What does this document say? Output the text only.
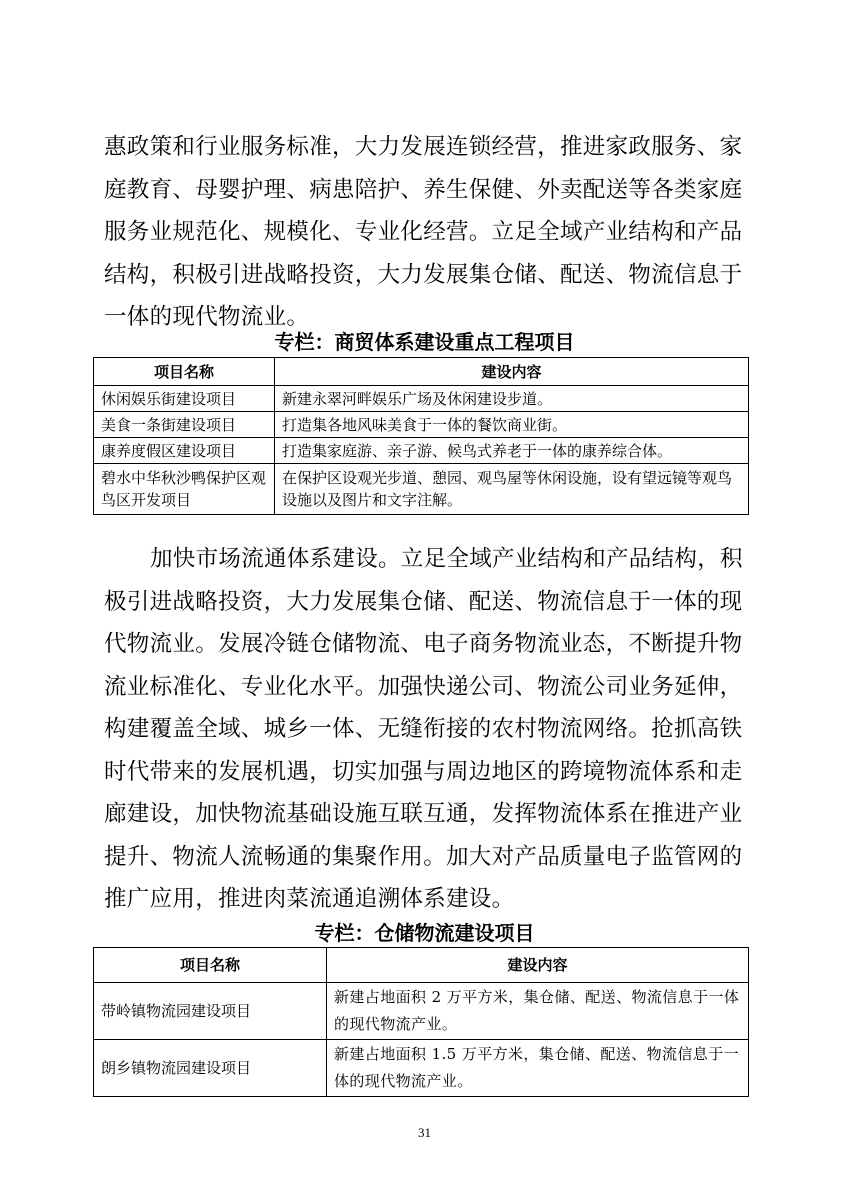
惠政策和行业服务标准，大力发展连锁经营，推进家政服务、家
庭教育、母婴护理、病患陪护、养生保健、外卖配送等各类家庭
服务业规范化、规模化、专业化经营。立足全域产业结构和产品
结构，积极引进战略投资，大力发展集仓储、配送、物流信息于
一体的现代物流业。

专栏：商贸体系建设重点工程项目
项目名称	建设内容
休闲娱乐街建设项目	新建永翠河畔娱乐广场及休闲建设步道。
美食一条街建设项目	打造集各地风味美食于一体的餐饮商业街。
康养度假区建设项目	打造集家庭游、亲子游、候鸟式养老于一体的康养综合体。
碧水中华秋沙鸭保护区观鸟区开发项目	在保护区设观光步道、憩园、观鸟屋等休闲设施，设有望远镜等观鸟设施以及图片和文字注解。

加快市场流通体系建设。立足全域产业结构和产品结构，积
极引进战略投资，大力发展集仓储、配送、物流信息于一体的现
代物流业。发展冷链仓储物流、电子商务物流业态，不断提升物
流业标准化、专业化水平。加强快递公司、物流公司业务延伸，
构建覆盖全域、城乡一体、无缝衔接的农村物流网络。抢抓高铁
时代带来的发展机遇，切实加强与周边地区的跨境物流体系和走
廊建设，加快物流基础设施互联互通，发挥物流体系在推进产业
提升、物流人流畅通的集聚作用。加大对产品质量电子监管网的
推广应用，推进肉菜流通追溯体系建设。

专栏：仓储物流建设项目
项目名称	建设内容
带岭镇物流园建设项目	新建占地面积 2 万平方米，集仓储、配送、物流信息于一体的现代物流产业。
朗乡镇物流园建设项目	新建占地面积 1.5 万平方米，集仓储、配送、物流信息于一体的现代物流产业。
31
